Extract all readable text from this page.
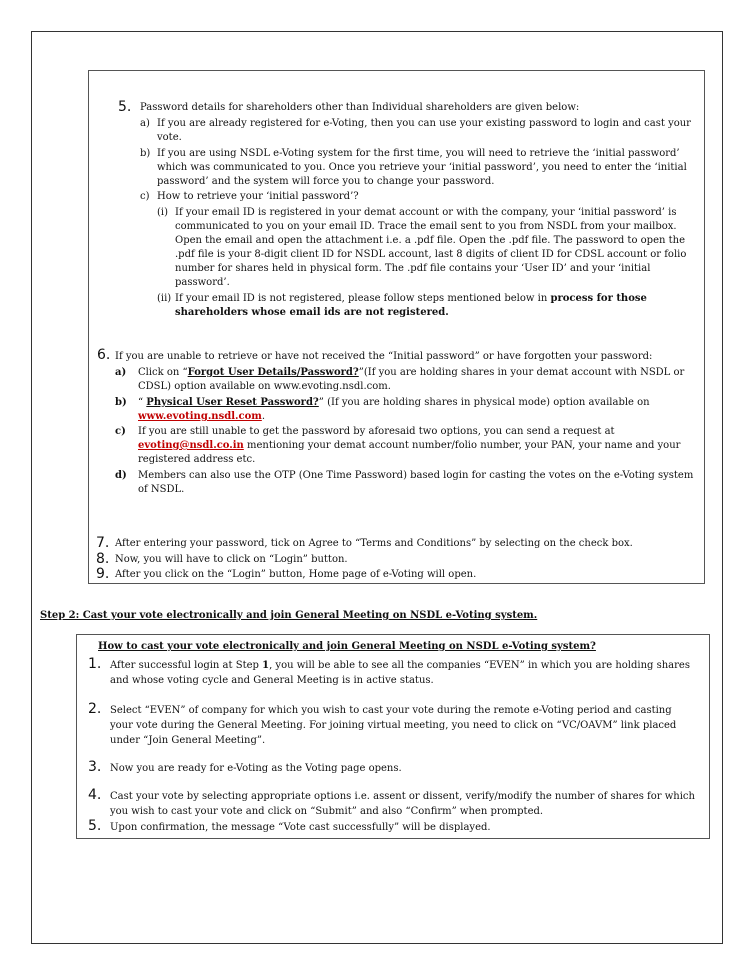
5. Password details for shareholders other than Individual shareholders are given below:

a) If you are already registered for e-Voting, then you can use your existing password to login and cast your

vote.

b) If you are using NSDL e-Voting system for the first time, you will need to retrieve the ‘initial password’

which was communicated to you. Once you retrieve your ‘initial password’, you need to enter the ‘initial

password’ and the system will force you to change your password.

c) How to retrieve your ‘initial password’?

(i) If your email ID is registered in your demat account or with the company, your ‘initial password’ is

communicated to you on your email ID. Trace the email sent to you from NSDL from your mailbox.

Open the email and open the attachment i.e. a .pdf file. Open the .pdf file. The password to open the

.pdf file is your 8-digit client ID for NSDL account, last 8 digits of client ID for CDSL account or folio

number for shares held in physical form. The .pdf file contains your ‘User ID’ and your ‘initial

password’.

(ii) If your email ID is not registered, please follow steps mentioned below in process for those

shareholders whose email ids are not registered.

6. If you are unable to retrieve or have not received the “Initial password” or have forgotten your password:

a) Click on “Forgot User Details/Password?”(If you are holding shares in your demat account with NSDL or

CDSL) option available on www.evoting.nsdl.com.

b) “ Physical User Reset Password?” (If you are holding shares in physical mode) option available on

www.evoting.nsdl.com.

c) If you are still unable to get the password by aforesaid two options, you can send a request at

evoting@nsdl.co.in mentioning your demat account number/folio number, your PAN, your name and your

registered address etc.

d) Members can also use the OTP (One Time Password) based login for casting the votes on the e-Voting system

of NSDL.

7. After entering your password, tick on Agree to “Terms and Conditions” by selecting on the check box.

8. Now, you will have to click on “Login” button.

9. After you click on the “Login” button, Home page of e-Voting will open.

Step 2: Cast your vote electronically and join General Meeting on NSDL e-Voting system.
How to cast your vote electronically and join General Meeting on NSDL e-Voting system?
1. After successful login at Step 1, you will be able to see all the companies “EVEN” in which you are holding shares

and whose voting cycle and General Meeting is in active status.

2. Select “EVEN” of company for which you wish to cast your vote during the remote e-Voting period and casting

your vote during the General Meeting. For joining virtual meeting, you need to click on “VC/OAVM” link placed

under “Join General Meeting”.

3. Now you are ready for e-Voting as the Voting page opens.

4. Cast your vote by selecting appropriate options i.e. assent or dissent, verify/modify the number of shares for which

you wish to cast your vote and click on “Submit” and also “Confirm” when prompted.

5. Upon confirmation, the message “Vote cast successfully” will be displayed.
